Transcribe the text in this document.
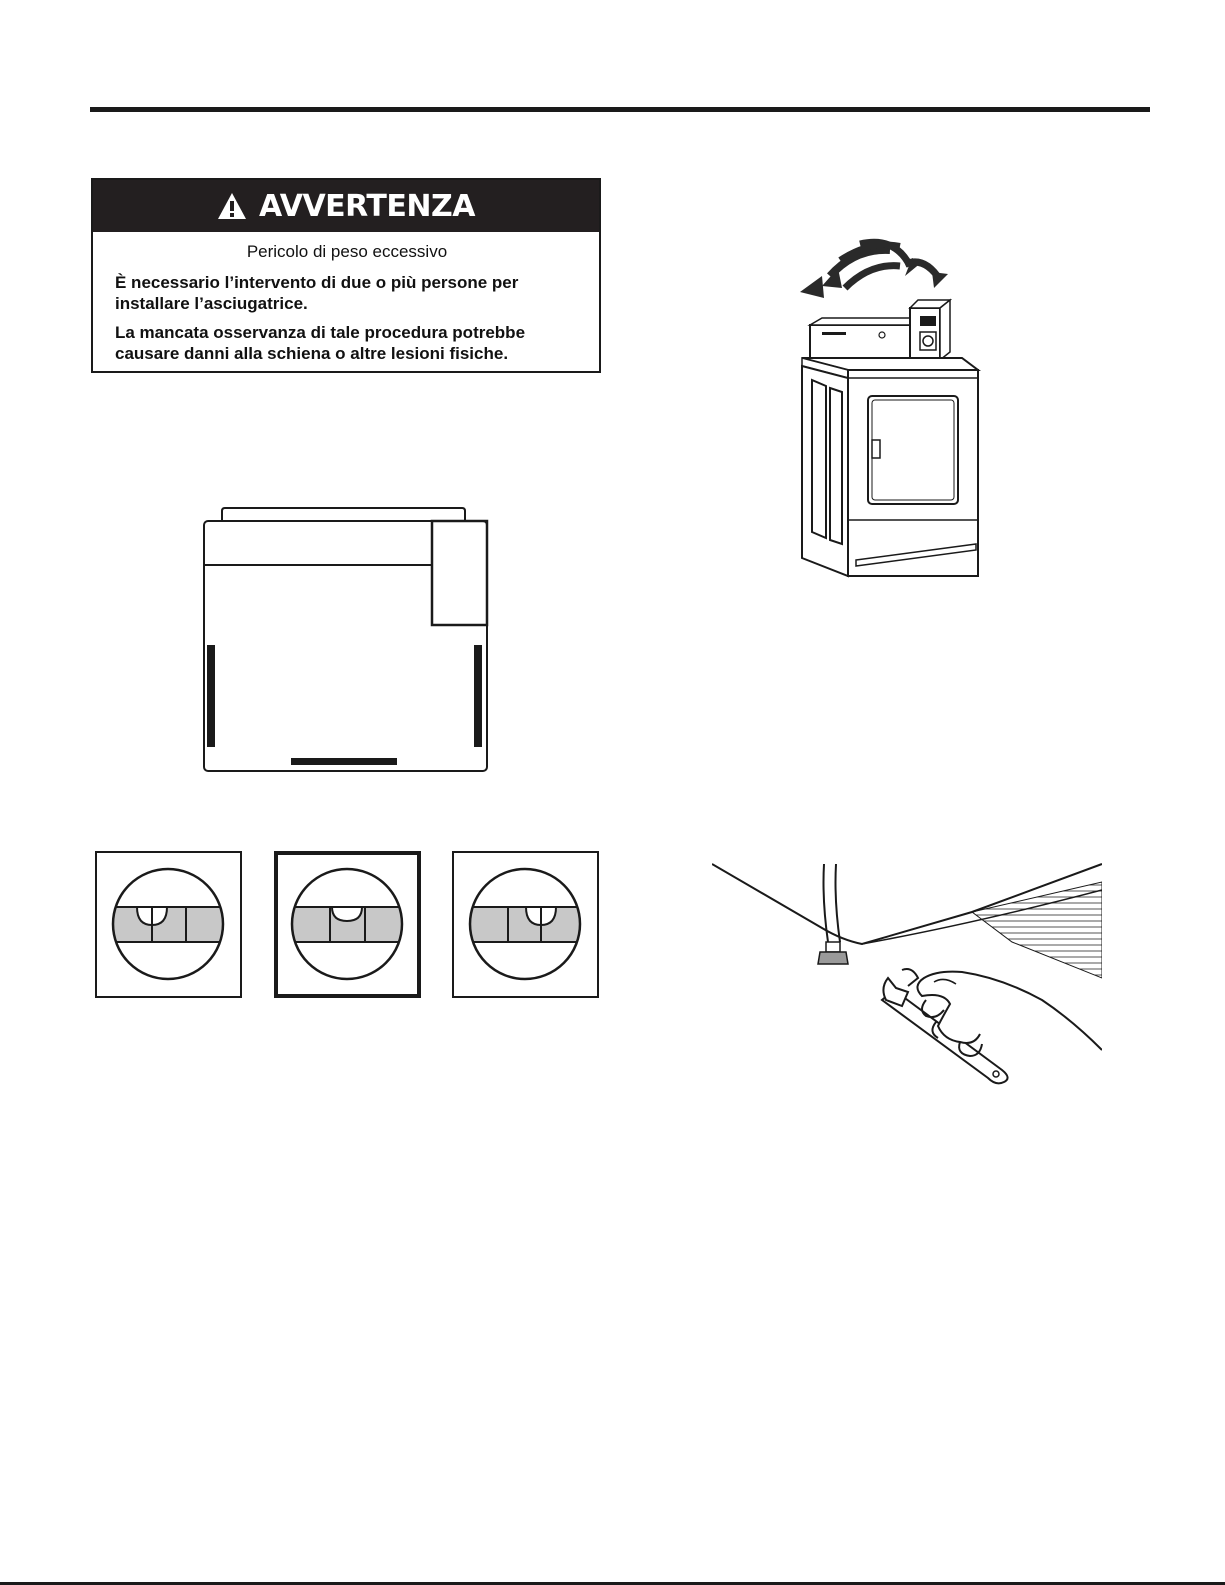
AVVERTENZA

Pericolo di peso eccessivo

È necessario l’intervento di due o più persone per installare l’asciugatrice.

La mancata osservanza di tale procedura potrebbe causare danni alla schiena o altre lesioni fisiche.
